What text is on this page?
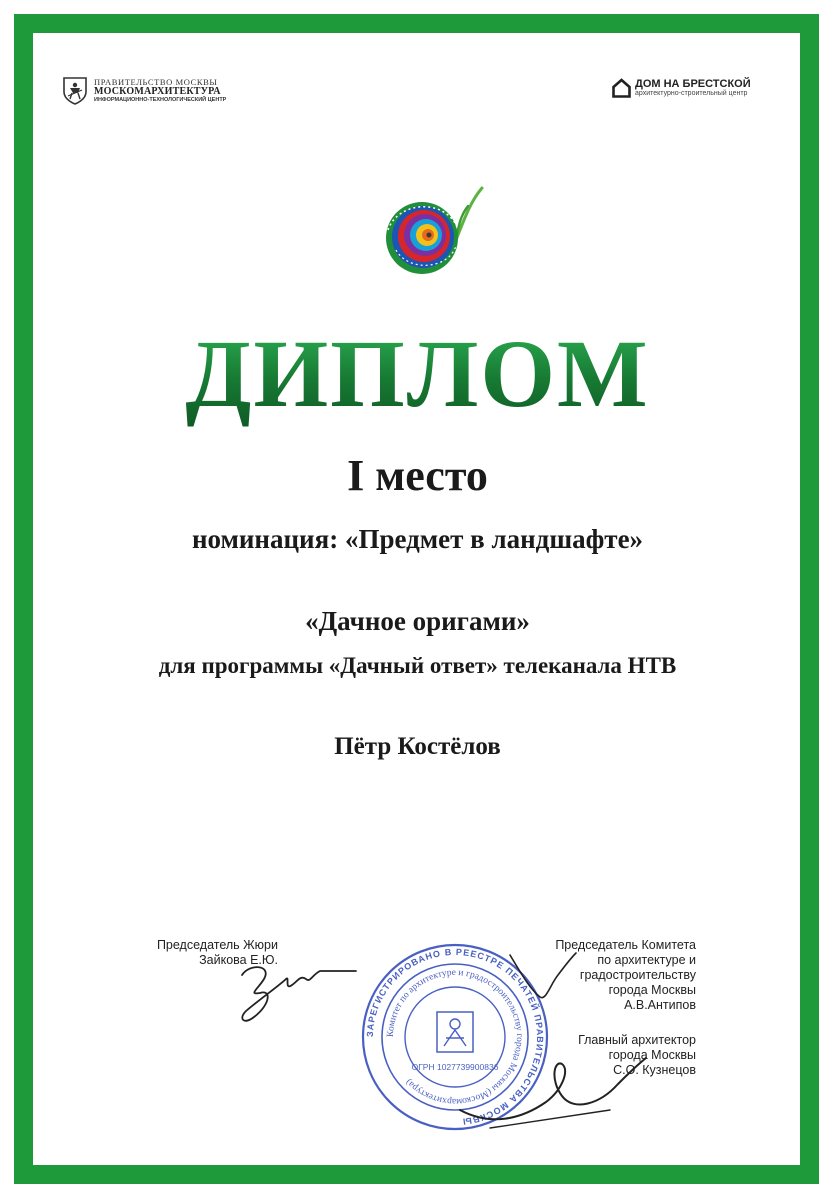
ПРАВИТЕЛЬСТВО МОСКВЫ
МОСКОМАРХИТЕКТУРА
ИНФОРМАЦИОННО-ТЕХНОЛОГИЧЕСКИЙ ЦЕНТР
ДОМ НА БРЕСТСКОЙ
архитектурно-строительный центр
ДИПЛОМ
I место
номинация: «Предмет в ландшафте»
«Дачное оригами»
для программы «Дачный ответ» телеканала НТВ
Пётр Костёлов
ЗАРЕГИСТРИРОВАНО В РЕЕСТРЕ ПЕЧАТЕЙ ПРАВИТЕЛЬСТВА МОСКВЫ
Комитет по архитектуре и градостроительству города Москвы (Москомархитектура)
ОГРН 1027739900836
Председатель Жюри
Зайкова Е.Ю.
Председатель Комитета
по архитектуре и градостроительству
города Москвы
А.В.Антипов
Главный архитектор
города Москвы
С.О. Кузнецов
